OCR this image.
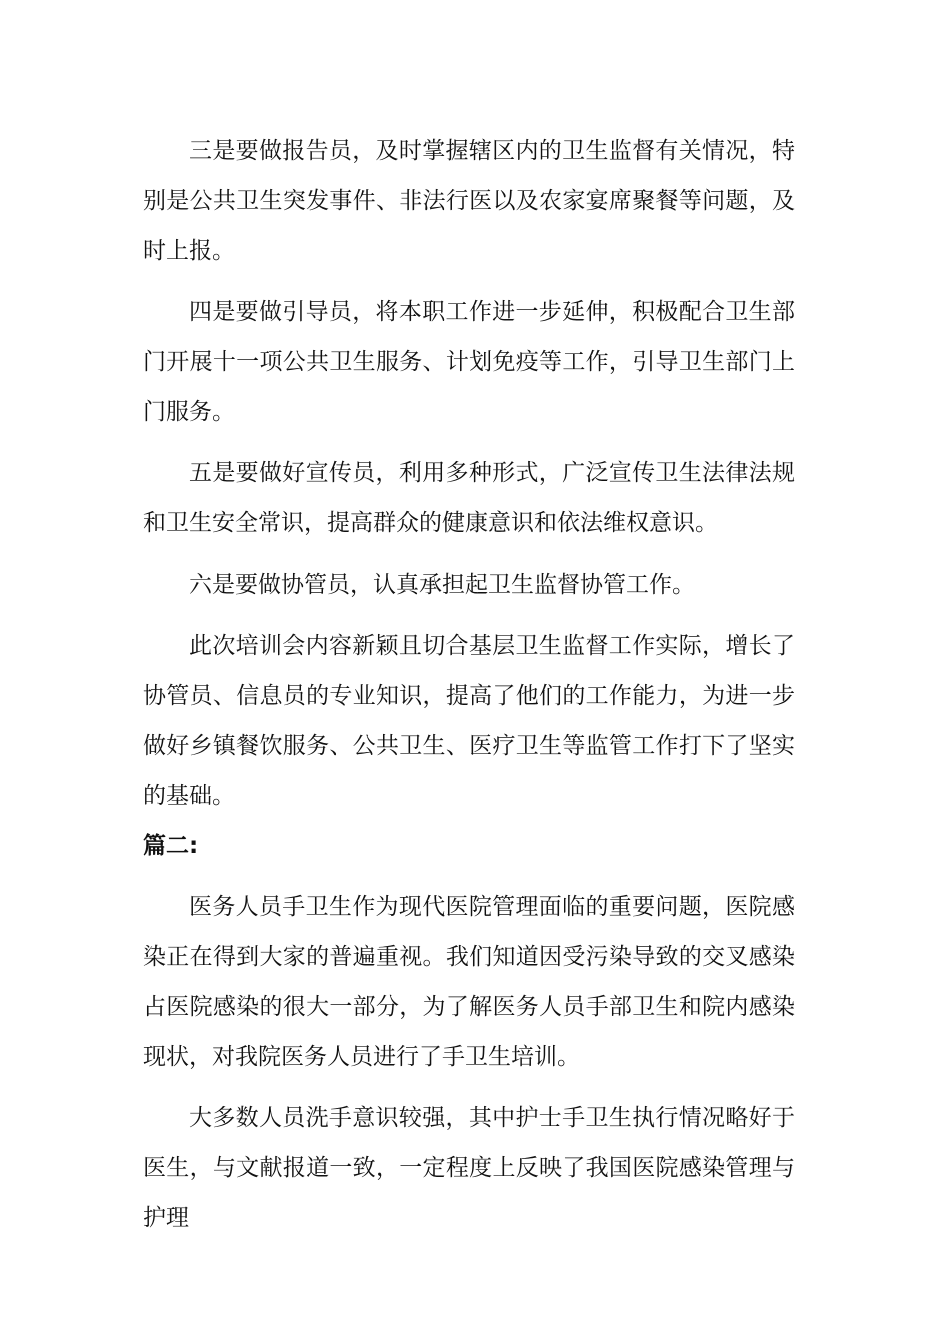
三是要做报告员，及时掌握辖区内的卫生监督有关情况，特别是公共卫生突发事件、非法行医以及农家宴席聚餐等问题，及时上报。

四是要做引导员，将本职工作进一步延伸，积极配合卫生部门开展十一项公共卫生服务、计划免疫等工作，引导卫生部门上门服务。

五是要做好宣传员，利用多种形式，广泛宣传卫生法律法规和卫生安全常识，提高群众的健康意识和依法维权意识。

六是要做协管员，认真承担起卫生监督协管工作。

此次培训会内容新颖且切合基层卫生监督工作实际，增长了协管员、信息员的专业知识，提高了他们的工作能力，为进一步做好乡镇餐饮服务、公共卫生、医疗卫生等监管工作打下了坚实的基础。

篇二:

医务人员手卫生作为现代医院管理面临的重要问题，医院感染正在得到大家的普遍重视。我们知道因受污染导致的交叉感染占医院感染的很大一部分，为了解医务人员手部卫生和院内感染现状，对我院医务人员进行了手卫生培训。

大多数人员洗手意识较强，其中护士手卫生执行情况略好于医生，与文献报道一致，一定程度上反映了我国医院感染管理与护理
